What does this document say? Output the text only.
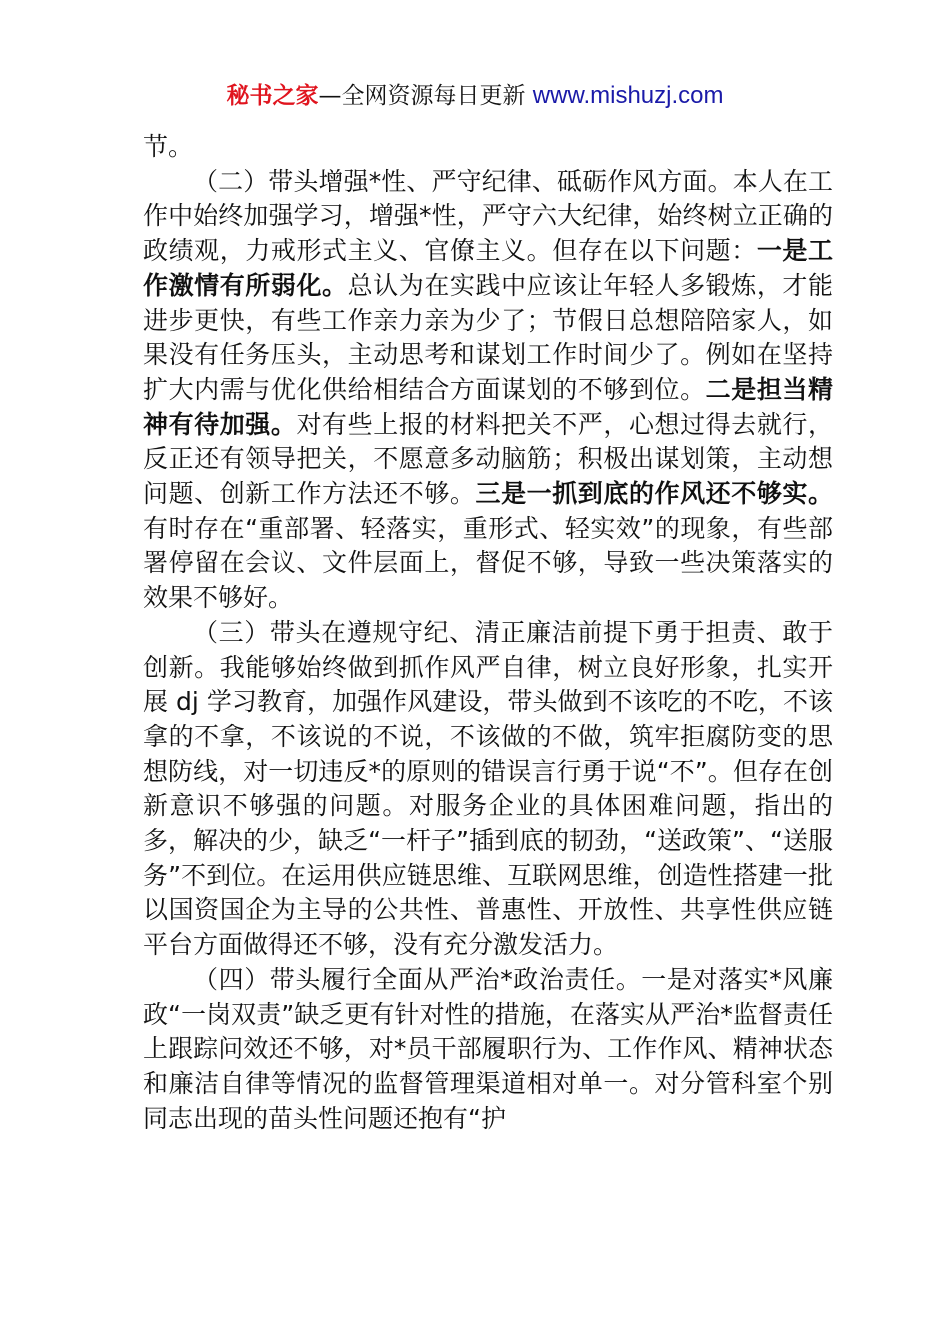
秘书之家—全网资源每日更新 www.mishuzj.com

节。

（二）带头增强*性、严守纪律、砥砺作风方面。本人在工作中始终加强学习，增强*性，严守六大纪律，始终树立正确的政绩观，力戒形式主义、官僚主义。但存在以下问题：一是工作激情有所弱化。总认为在实践中应该让年轻人多锻炼，才能进步更快，有些工作亲力亲为少了；节假日总想陪陪家人，如果没有任务压头，主动思考和谋划工作时间少了。例如在坚持扩大内需与优化供给相结合方面谋划的不够到位。二是担当精神有待加强。对有些上报的材料把关不严，心想过得去就行，反正还有领导把关，不愿意多动脑筋；积极出谋划策，主动想问题、创新工作方法还不够。三是一抓到底的作风还不够实。有时存在“重部署、轻落实，重形式、轻实效”的现象，有些部署停留在会议、文件层面上，督促不够，导致一些决策落实的效果不够好。

（三）带头在遵规守纪、清正廉洁前提下勇于担责、敢于创新。我能够始终做到抓作风严自律，树立良好形象，扎实开展 dj 学习教育，加强作风建设，带头做到不该吃的不吃，不该拿的不拿，不该说的不说，不该做的不做，筑牢拒腐防变的思想防线，对一切违反*的原则的错误言行勇于说“不”。但存在创新意识不够强的问题。对服务企业的具体困难问题，指出的多，解决的少，缺乏“一杆子”插到底的韧劲，“送政策”、“送服务”不到位。在运用供应链思维、互联网思维，创造性搭建一批以国资国企为主导的公共性、普惠性、开放性、共享性供应链平台方面做得还不够，没有充分激发活力。

（四）带头履行全面从严治*政治责任。一是对落实*风廉政“一岗双责”缺乏更有针对性的措施，在落实从严治*监督责任上跟踪问效还不够，对*员干部履职行为、工作作风、精神状态和廉洁自律等情况的监督管理渠道相对单一。对分管科室个别同志出现的苗头性问题还抱有“护
